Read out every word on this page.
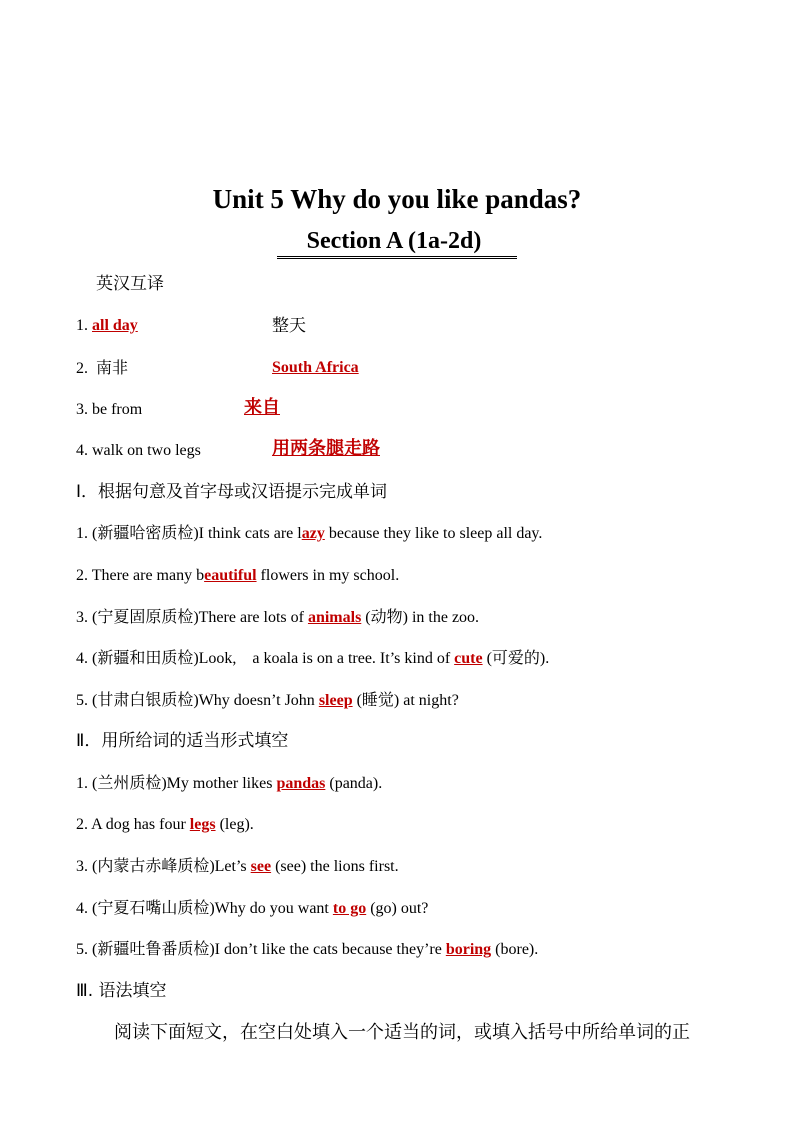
Unit 5 Why do you like pandas?
Section A (1a-2d)
英汉互译
1. all day	整天
2. 南非	South Africa
3. be from	来自
4. walk on two legs	用两条腿走路
Ⅰ．根据句意及首字母或汉语提示完成单词
1. (新疆哈密质检)I think cats are lazy because they like to sleep all day.
2. There are many beautiful flowers in my school.
3. (宁夏固原质检)There are lots of animals (动物) in the zoo.
4. (新疆和田质检)Look,　a koala is on a tree. It’s kind of cute (可爱的).
5. (甘肃白银质检)Why doesn’t John sleep (睡觉) at night?
Ⅱ．用所给词的适当形式填空
1. (兰州质检)My mother likes pandas (panda).
2. A dog has four legs (leg).
3. (内蒙古赤峰质检)Let’s see (see) the lions first.
4. (宁夏石嘴山质检)Why do you want to go (go) out?
5. (新疆吐鲁番质检)I don’t like the cats because they’re boring (bore).
Ⅲ. 语法填空
阅读下面短文，在空白处填入一个适当的词，或填入括号中所给单词的正
